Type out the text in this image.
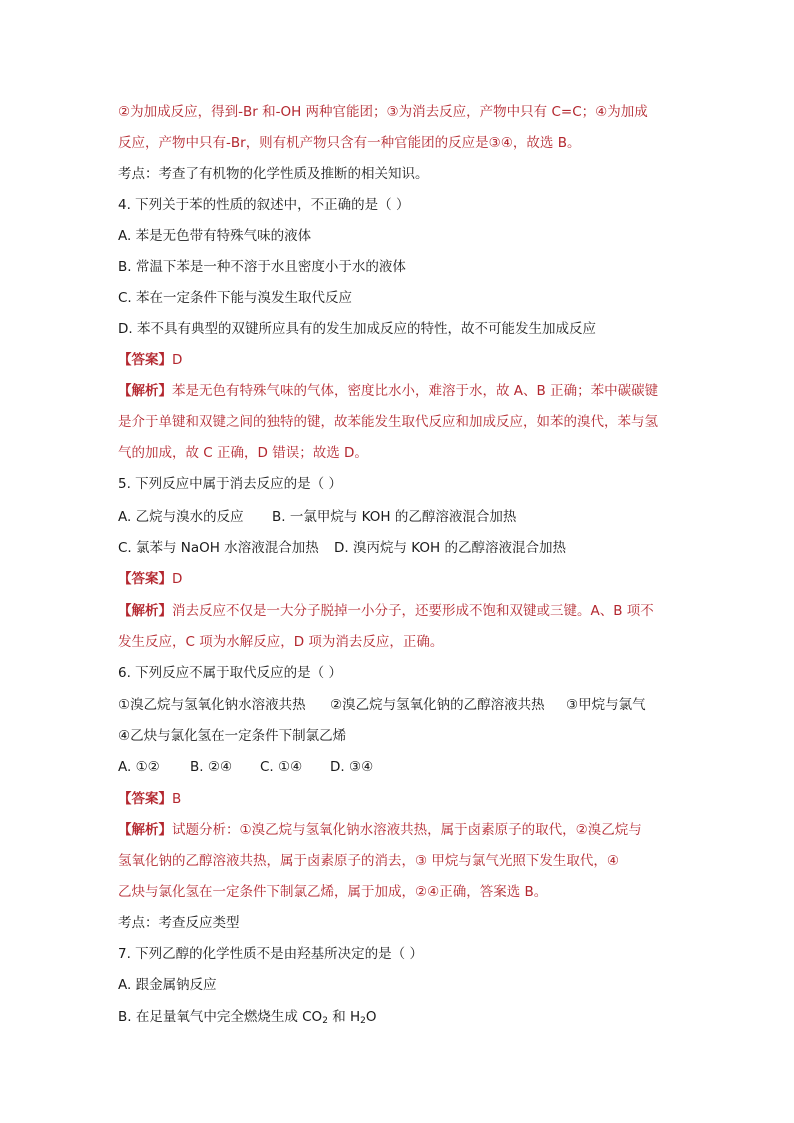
②为加成反应，得到-Br 和-OH 两种官能团；③为消去反应，产物中只有 C=C；④为加成
反应，产物中只有-Br，则有机产物只含有一种官能团的反应是③④，故选 B。
考点：考查了有机物的化学性质及推断的相关知识。
4. 下列关于苯的性质的叙述中，不正确的是（ ）
A. 苯是无色带有特殊气味的液体
B. 常温下苯是一种不溶于水且密度小于水的液体
C. 苯在一定条件下能与溴发生取代反应
D. 苯不具有典型的双键所应具有的发生加成反应的特性，故不可能发生加成反应
【答案】D
【解析】苯是无色有特殊气味的气体，密度比水小，难溶于水，故 A、B 正确；苯中碳碳键
是介于单键和双键之间的独特的键，故苯能发生取代反应和加成反应，如苯的溴代，苯与氢
气的加成，故 C 正确，D 错误；故选 D。
5. 下列反应中属于消去反应的是（ ）
A. 乙烷与溴水的反应 B. 一氯甲烷与 KOH 的乙醇溶液混合加热
C. 氯苯与 NaOH 水溶液混合加热 D. 溴丙烷与 KOH 的乙醇溶液混合加热
【答案】D
【解析】消去反应不仅是一大分子脱掉一小分子，还要形成不饱和双键或三键。A、B 项不
发生反应，C 项为水解反应，D 项为消去反应，正确。
6. 下列反应不属于取代反应的是（ ）
①溴乙烷与氢氧化钠水溶液共热 ②溴乙烷与氢氧化钠的乙醇溶液共热 ③甲烷与氯气
④乙炔与氯化氢在一定条件下制氯乙烯
A. ①② B. ②④ C. ①④ D. ③④
【答案】B
【解析】试题分析：①溴乙烷与氢氧化钠水溶液共热，属于卤素原子的取代，②溴乙烷与
氢氧化钠的乙醇溶液共热，属于卤素原子的消去，③ 甲烷与氯气光照下发生取代，④
乙炔与氯化氢在一定条件下制氯乙烯，属于加成，②④正确，答案选 B。
考点：考查反应类型
7. 下列乙醇的化学性质不是由羟基所决定的是（ ）
A. 跟金属钠反应
B. 在足量氧气中完全燃烧生成 $CO_2$ 和 $H_2O$
